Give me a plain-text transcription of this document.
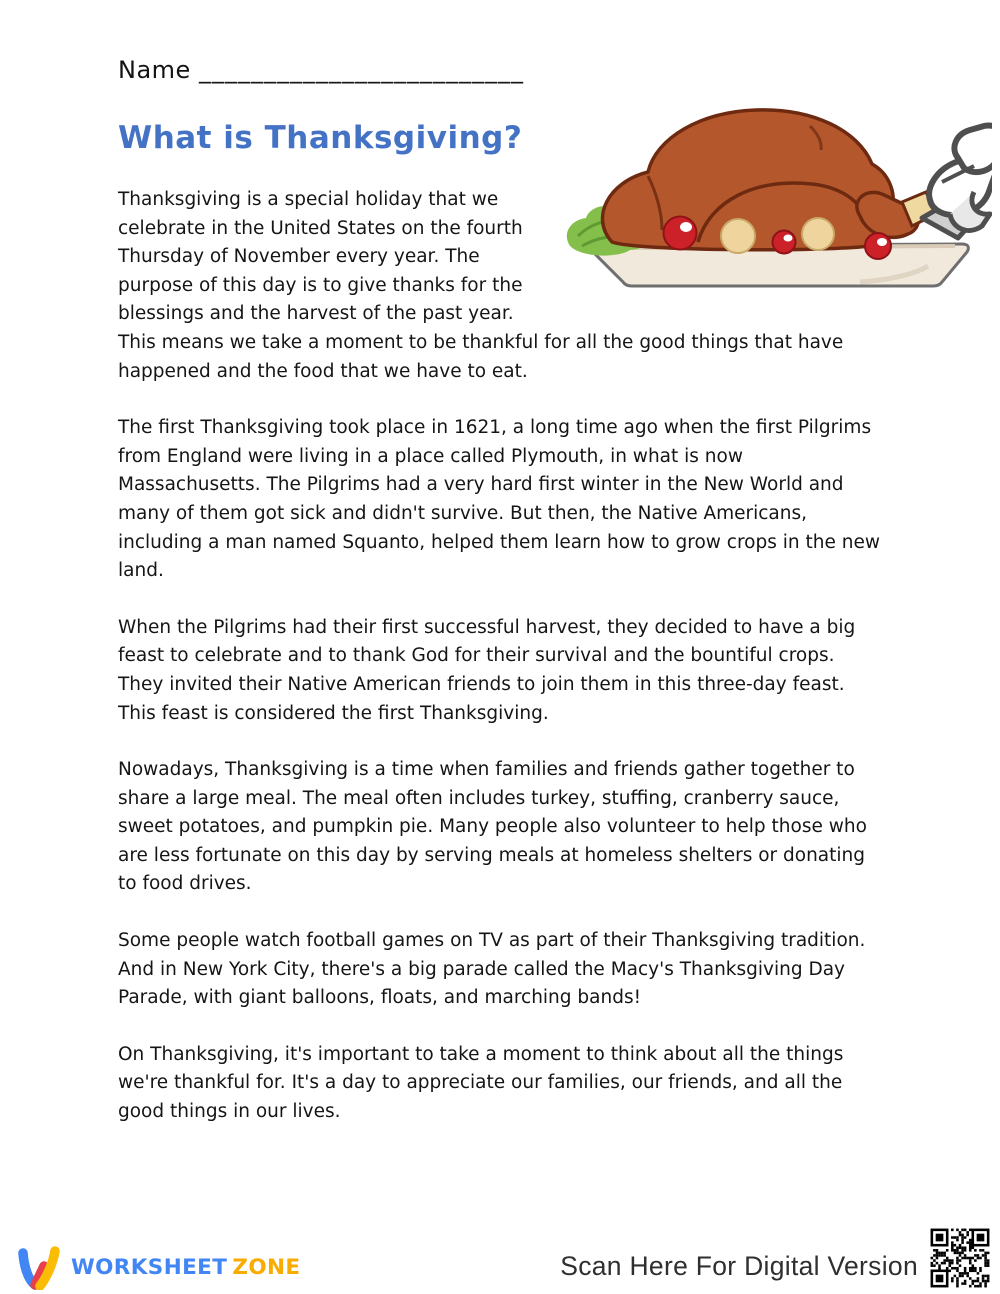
Name _________________________
What is Thanksgiving?

Thanksgiving is a special holiday that we celebrate in the United States on the fourth Thursday of November every year. The purpose of this day is to give thanks for the blessings and the harvest of the past year. This means we take a moment to be thankful for all the good things that have happened and the food that we have to eat.

The first Thanksgiving took place in 1621, a long time ago when the first Pilgrims from England were living in a place called Plymouth, in what is now Massachusetts. The Pilgrims had a very hard first winter in the New World and many of them got sick and didn't survive. But then, the Native Americans, including a man named Squanto, helped them learn how to grow crops in the new land.

When the Pilgrims had their first successful harvest, they decided to have a big feast to celebrate and to thank God for their survival and the bountiful crops. They invited their Native American friends to join them in this three-day feast. This feast is considered the first Thanksgiving.

Nowadays, Thanksgiving is a time when families and friends gather together to share a large meal. The meal often includes turkey, stuffing, cranberry sauce, sweet potatoes, and pumpkin pie. Many people also volunteer to help those who are less fortunate on this day by serving meals at homeless shelters or donating to food drives.

Some people watch football games on TV as part of their Thanksgiving tradition. And in New York City, there's a big parade called the Macy's Thanksgiving Day Parade, with giant balloons, floats, and marching bands!

On Thanksgiving, it's important to take a moment to think about all the things we're thankful for. It's a day to appreciate our families, our friends, and all the good things in our lives.

WORKSHEET ZONE	Scan Here For Digital Version
